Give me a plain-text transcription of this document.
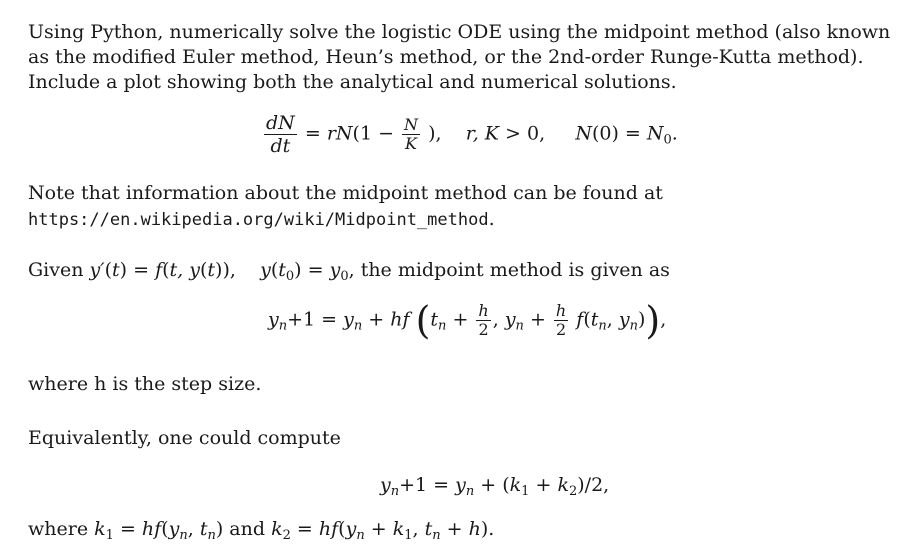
Using Python, numerically solve the logistic ODE using the midpoint method (also known as the modified Euler method, Heun’s method, or the 2nd-order Runge-Kutta method). Include a plot showing both the analytical and numerical solutions.
$\frac{dN}{dt} = rN(1 - \frac{N}{K}$ ),    r, K > 0,     $N(0) = N_0$.
Note that information about the midpoint method can be found at https://en.wikipedia.org/wiki/Midpoint_method.
Given y′(t) = f(t, y(t)),    $y(t_0) = y_0$, the midpoint method is given as
$y_n+1 = y_n$ + hf ($t_n + \frac{h}{2}$ , $y_n + \frac{h}{2} f(t_n$, $y_n$)),
where h is the step size.
Equivalently, one could compute
$y_n+1 = y_n + (k_1 + k_2)/2$,
where $k_1 = hf(y_n$, $t_n$) and $k_2 = hf(y_n + k_1$, $t_n + h$).
